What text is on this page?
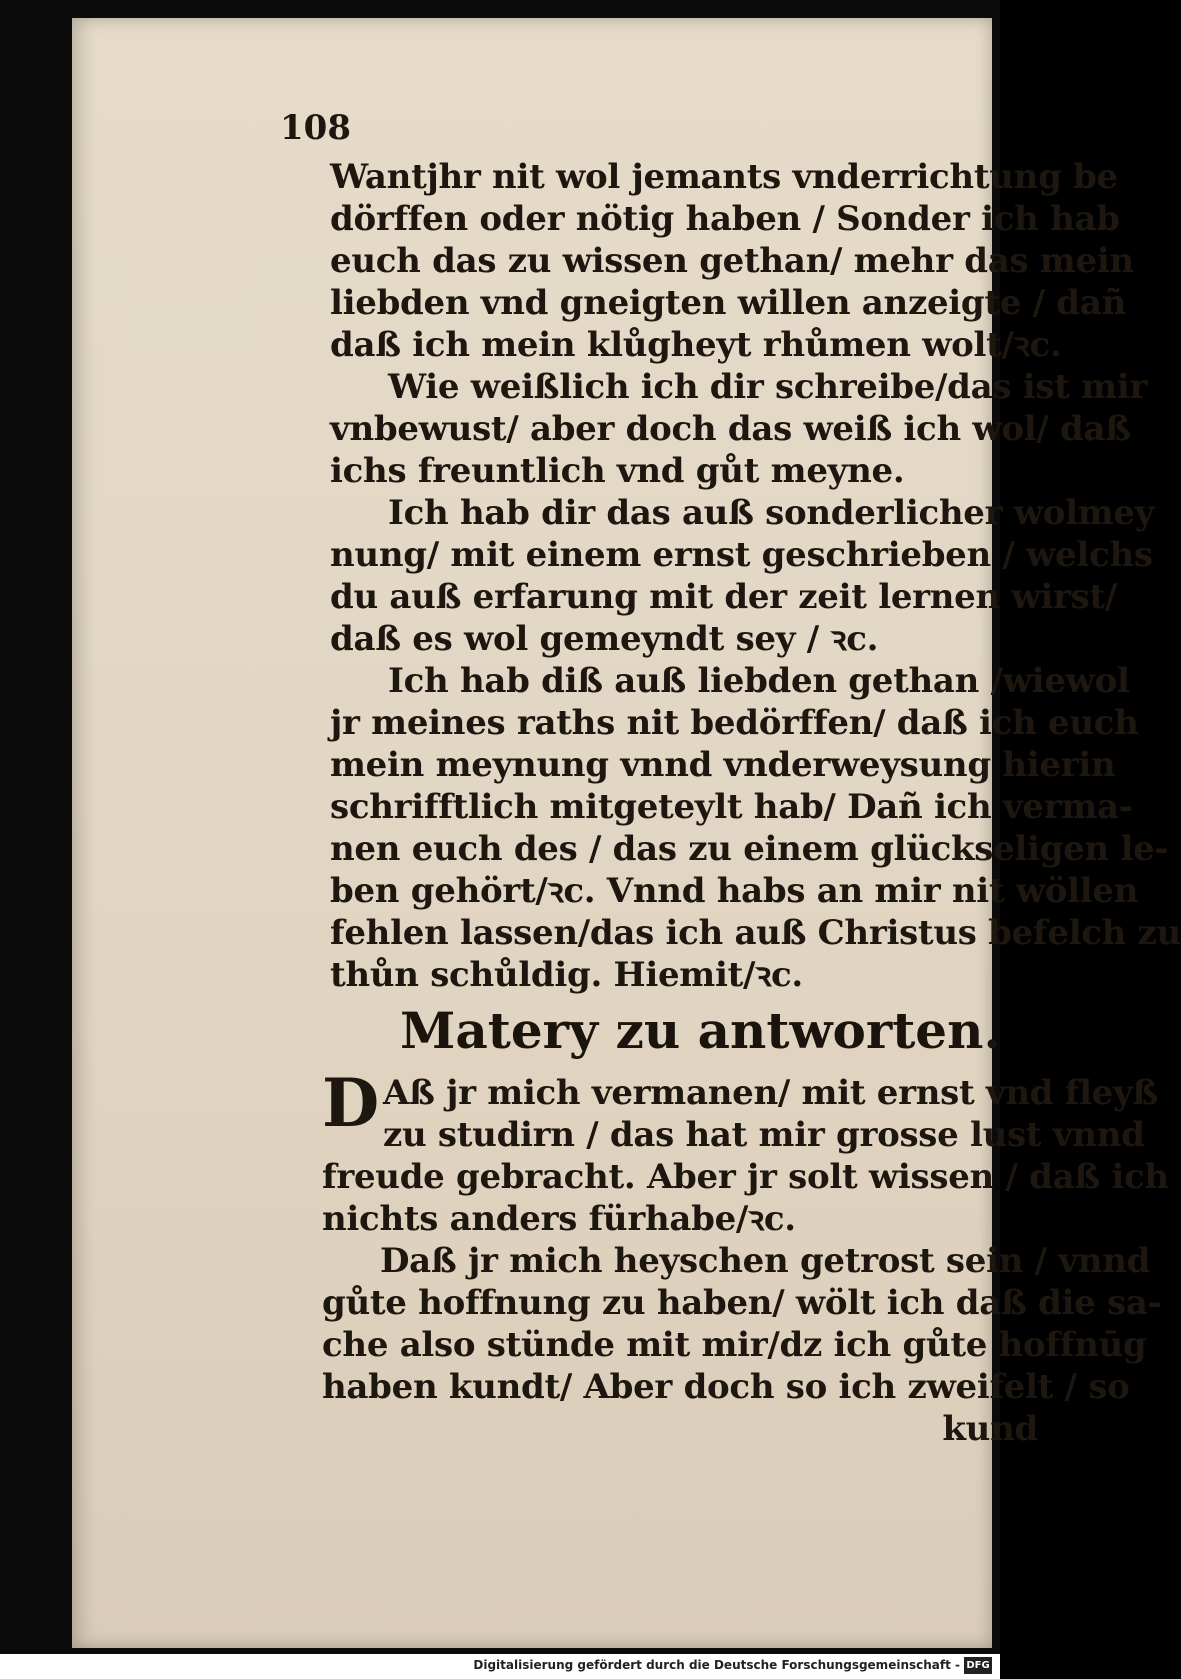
108
Wantjhr nit wol jemants vnderrichtung be
dörffen oder nötig haben / Sonder ich hab
euch das zu wissen gethan/ mehr das mein
liebden vnd gneigten willen anzeigte / dañ
daß ich mein klůgheyt rhůmen wolt/ꝛc.
Wie weißlich ich dir schreibe/das ist mir
vnbewust/ aber doch das weiß ich wol/ daß
ichs freuntlich vnd gůt meyne.
Ich hab dir das auß sonderlicher wolmey
nung/ mit einem ernst geschrieben / welchs
du auß erfarung mit der zeit lernen wirst/
daß es wol gemeyndt sey / ꝛc.
Ich hab diß auß liebden gethan /wiewol
jr meines raths nit bedörffen/ daß ich euch
mein meynung vnnd vnderweysung hierin
schrifftlich mitgeteylt hab/ Dañ ich verma-
nen euch des / das zu einem glückseligen le-
ben gehört/ꝛc. Vnnd habs an mir nit wöllen
fehlen lassen/das ich auß Christus befelch zu
thůn schůldig. Hiemit/ꝛc.
Matery zu antworten.
D Aß jr mich vermanen/ mit ernst vnd fleyß
zu studirn / das hat mir grosse lust vnnd
freude gebracht. Aber jr solt wissen / daß ich
nichts anders fürhabe/ꝛc.
Daß jr mich heyschen getrost sein / vnnd
gůte hoffnung zu haben/ wölt ich daß die sa-
che also stünde mit mir/dz ich gůte hoffnūg
haben kundt/ Aber doch so ich zweifelt / so
kund
Digitalisierung gefördert durch die Deutsche Forschungsgemeinschaft - DFG
